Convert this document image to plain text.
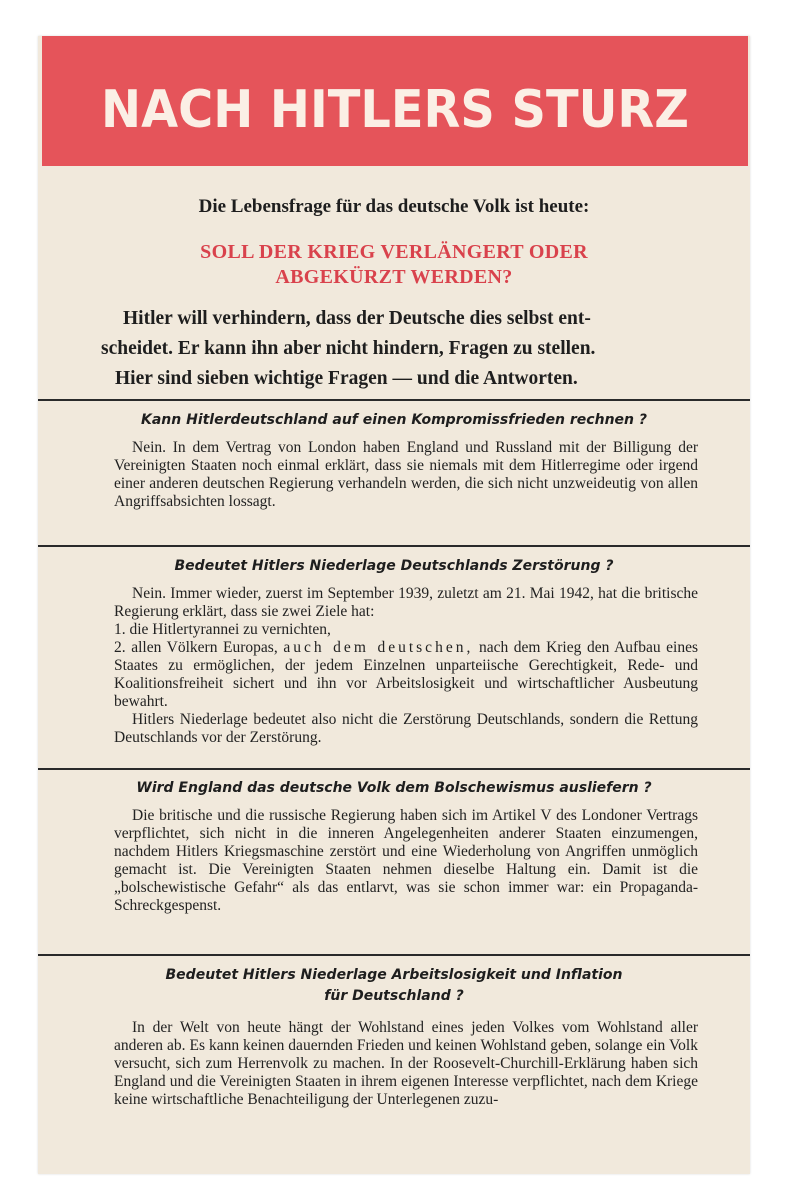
NACH HITLERS STURZ
Die Lebensfrage für das deutsche Volk ist heute:
SOLL DER KRIEG VERLÄNGERT ODER
ABGEKÜRZT WERDEN?

Hitler will verhindern, dass der Deutsche dies selbst ent-

scheidet. Er kann ihn aber nicht hindern, Fragen zu stellen.

Hier sind sieben wichtige Fragen — und die Antworten.

Kann Hitlerdeutschland auf einen Kompromissfrieden rechnen ?

Nein. In dem Vertrag von London haben England und Russland mit der Billigung der Vereinigten Staaten noch einmal erklärt, dass sie niemals mit dem Hitlerregime oder irgend einer anderen deutschen Regierung verhandeln werden, die sich nicht unzweideutig von allen Angriffsabsichten lossagt.

Bedeutet Hitlers Niederlage Deutschlands Zerstörung ?

Nein. Immer wieder, zuerst im September 1939, zuletzt am 21. Mai 1942, hat die britische Regierung erklärt, dass sie zwei Ziele hat:

1. die Hitlertyrannei zu vernichten,

2. allen Völkern Europas, auch dem deutschen, nach dem Krieg den Aufbau eines Staates zu ermöglichen, der jedem Einzelnen unparteiische Gerechtigkeit, Rede- und Koalitionsfreiheit sichert und ihn vor Arbeitslosigkeit und wirtschaftlicher Ausbeutung bewahrt.

Hitlers Niederlage bedeutet also nicht die Zerstörung Deutschlands, sondern die Rettung Deutschlands vor der Zerstörung.

Wird England das deutsche Volk dem Bolschewismus ausliefern ?

Die britische und die russische Regierung haben sich im Artikel V des Londoner Vertrags verpflichtet, sich nicht in die inneren Angelegenheiten anderer Staaten einzumengen, nachdem Hitlers Kriegsmaschine zerstört und eine Wiederholung von Angriffen unmöglich gemacht ist. Die Vereinigten Staaten nehmen dieselbe Haltung ein. Damit ist die „bolschewistische Gefahr“ als das entlarvt, was sie schon immer war: ein Propaganda-Schreckgespenst.

Bedeutet Hitlers Niederlage Arbeitslosigkeit und Inflation
für Deutschland ?

In der Welt von heute hängt der Wohlstand eines jeden Volkes vom Wohlstand aller anderen ab. Es kann keinen dauernden Frieden und keinen Wohlstand geben, solange ein Volk versucht, sich zum Herrenvolk zu machen. In der Roosevelt-Churchill-Erklärung haben sich England und die Vereinigten Staaten in ihrem eigenen Interesse verpflichtet, nach dem Kriege keine wirtschaftliche Benachteiligung der Unterlegenen zuzu-
